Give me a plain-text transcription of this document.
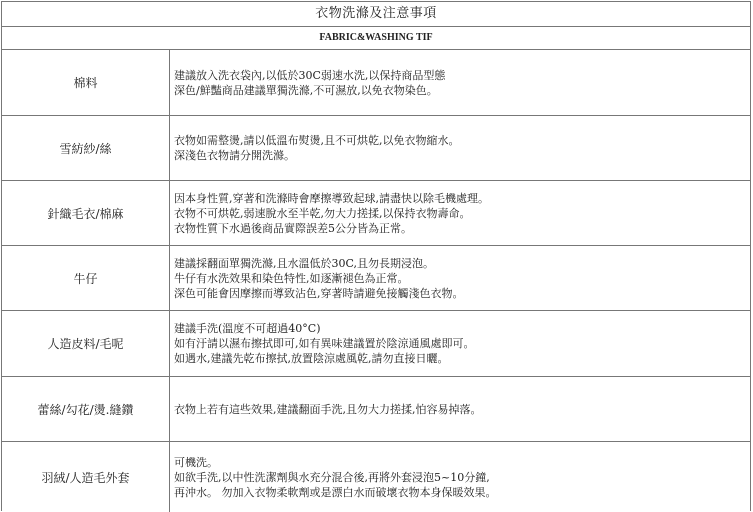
衣物洗滌及注意事項
FABRIC&WASHING TIF
棉料
建議放入洗衣袋內,以低於30C弱速水洗,以保持商品型態
深色/鮮豔商品建議單獨洗滌,不可濕放,以免衣物染色。
雪紡紗/絲
衣物如需整燙,請以低溫布熨燙,且不可烘乾,以免衣物縮水。
深淺色衣物請分開洗滌。
針織毛衣/棉麻
因本身性質,穿著和洗滌時會摩擦導致起球,請盡快以除毛機處理。
衣物不可烘乾,弱速脫水至半乾,勿大力搓揉,以保持衣物壽命。
衣物性質下水過後商品實際誤差5公分皆為正常。
牛仔
建議採翻面單獨洗滌,且水溫低於30C,且勿長期浸泡。
牛仔有水洗效果和染色特性,如逐漸褪色為正常。
深色可能會因摩擦而導致沾色,穿著時請避免接觸淺色衣物。
人造皮料/毛呢
建議手洗(溫度不可超過40°C)
如有汙請以濕布擦拭即可,如有異味建議置於陰涼通風處即可。
如遇水,建議先乾布擦拭,放置陰涼處風乾,請勿直接日曬。
蕾絲/勾花/燙.縫鑽	衣物上若有這些效果,建議翻面手洗,且勿大力搓揉,怕容易掉落。
羽絨/人造毛外套
可機洗。
如欲手洗,以中性洗潔劑與水充分混合後,再將外套浸泡5~10分鐘,
再沖水。 勿加入衣物柔軟劑或是漂白水而破壞衣物本身保暖效果。
